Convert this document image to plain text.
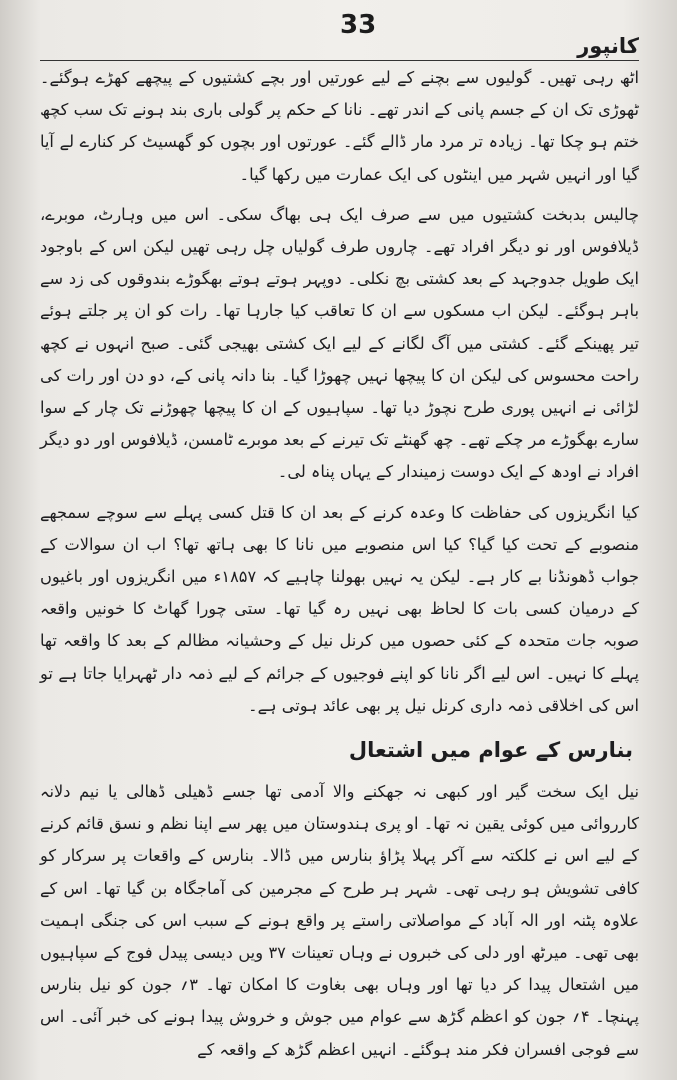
33
کانپور

اٹھ رہی تھیں۔ گولیوں سے بچنے کے لیے عورتیں اور بچے کشتیوں کے پیچھے کھڑے ہوگئے۔ ٹھوڑی تک ان کے جسم پانی کے اندر تھے۔ نانا کے حکم پر گولی باری بند ہونے تک سب کچھ ختم ہو چکا تھا۔ زیادہ تر مرد مار ڈالے گئے۔ عورتوں اور بچوں کو گھسیٹ کر کنارے لے آیا گیا اور انہیں شہر میں اینٹوں کی ایک عمارت میں رکھا گیا۔

چالیس بدبخت کشتیوں میں سے صرف ایک ہی بھاگ سکی۔ اس میں وہارٹ، موبرے، ڈیلافوس اور نو دیگر افراد تھے۔ چاروں طرف گولیاں چل رہی تھیں لیکن اس کے باوجود ایک طویل جدوجہد کے بعد کشتی بچ نکلی۔ دوپہر ہوتے ہوتے بھگوڑے بندوقوں کی زد سے باہر ہوگئے۔ لیکن اب مسکوں سے ان کا تعاقب کیا جارہا تھا۔ رات کو ان پر جلتے ہوئے تیر پھینکے گئے۔ کشتی میں آگ لگانے کے لیے ایک کشتی بھیجی گئی۔ صبح انہوں نے کچھ راحت محسوس کی لیکن ان کا پیچھا نہیں چھوڑا گیا۔ بنا دانہ پانی کے، دو دن اور رات کی لڑائی نے انہیں پوری طرح نچوڑ دیا تھا۔ سپاہیوں کے ان کا پیچھا چھوڑنے تک چار کے سوا سارے بھگوڑے مر چکے تھے۔ چھ گھنٹے تک تیرنے کے بعد موبرے ٹامسن، ڈیلافوس اور دو دیگر افراد نے اودھ کے ایک دوست زمیندار کے یہاں پناہ لی۔

کیا انگریزوں کی حفاظت کا وعدہ کرنے کے بعد ان کا قتل کسی پہلے سے سوچے سمجھے منصوبے کے تحت کیا گیا؟ کیا اس منصوبے میں نانا کا بھی ہاتھ تھا؟ اب ان سوالات کے جواب ڈھونڈنا بے کار ہے۔ لیکن یہ نہیں بھولنا چاہیے کہ ۱۸۵۷ء میں انگریزوں اور باغیوں کے درمیان کسی بات کا لحاظ بھی نہیں رہ گیا تھا۔ ستی چورا گھاٹ کا خونیں واقعہ صوبہ جات متحدہ کے کئی حصوں میں کرنل نیل کے وحشیانہ مظالم کے بعد کا واقعہ تھا پہلے کا نہیں۔ اس لیے اگر نانا کو اپنے فوجیوں کے جرائم کے لیے ذمہ دار ٹھہرایا جاتا ہے تو اس کی اخلاقی ذمہ داری کرنل نیل پر بھی عائد ہوتی ہے۔

بنارس کے عوام میں اشتعال

نیل ایک سخت گیر اور کبھی نہ جھکنے والا آدمی تھا جسے ڈھیلی ڈھالی یا نیم دلانہ کارروائی میں کوئی یقین نہ تھا۔ او پری ہندوستان میں پھر سے اپنا نظم و نسق قائم کرنے کے لیے اس نے کلکتہ سے آکر پہلا پڑاؤ بنارس میں ڈالا۔ بنارس کے واقعات پر سرکار کو کافی تشویش ہو رہی تھی۔ شہر ہر طرح کے مجرمین کی آماجگاہ بن گیا تھا۔ اس کے علاوہ پٹنہ اور الہ آباد کے مواصلاتی راستے پر واقع ہونے کے سبب اس کی جنگی اہمیت بھی تھی۔ میرٹھ اور دلی کی خبروں نے وہاں تعینات ۳۷ ویں دیسی پیدل فوج کے سپاہیوں میں اشتعال پیدا کر دیا تھا اور وہاں بھی بغاوت کا امکان تھا۔ ۳؍ جون کو نیل بنارس پہنچا۔ ۴؍ جون کو اعظم گڑھ سے عوام میں جوش و خروش پیدا ہونے کی خبر آئی۔ اس سے فوجی افسران فکر مند ہوگئے۔ انہیں اعظم گڑھ کے واقعہ کے
